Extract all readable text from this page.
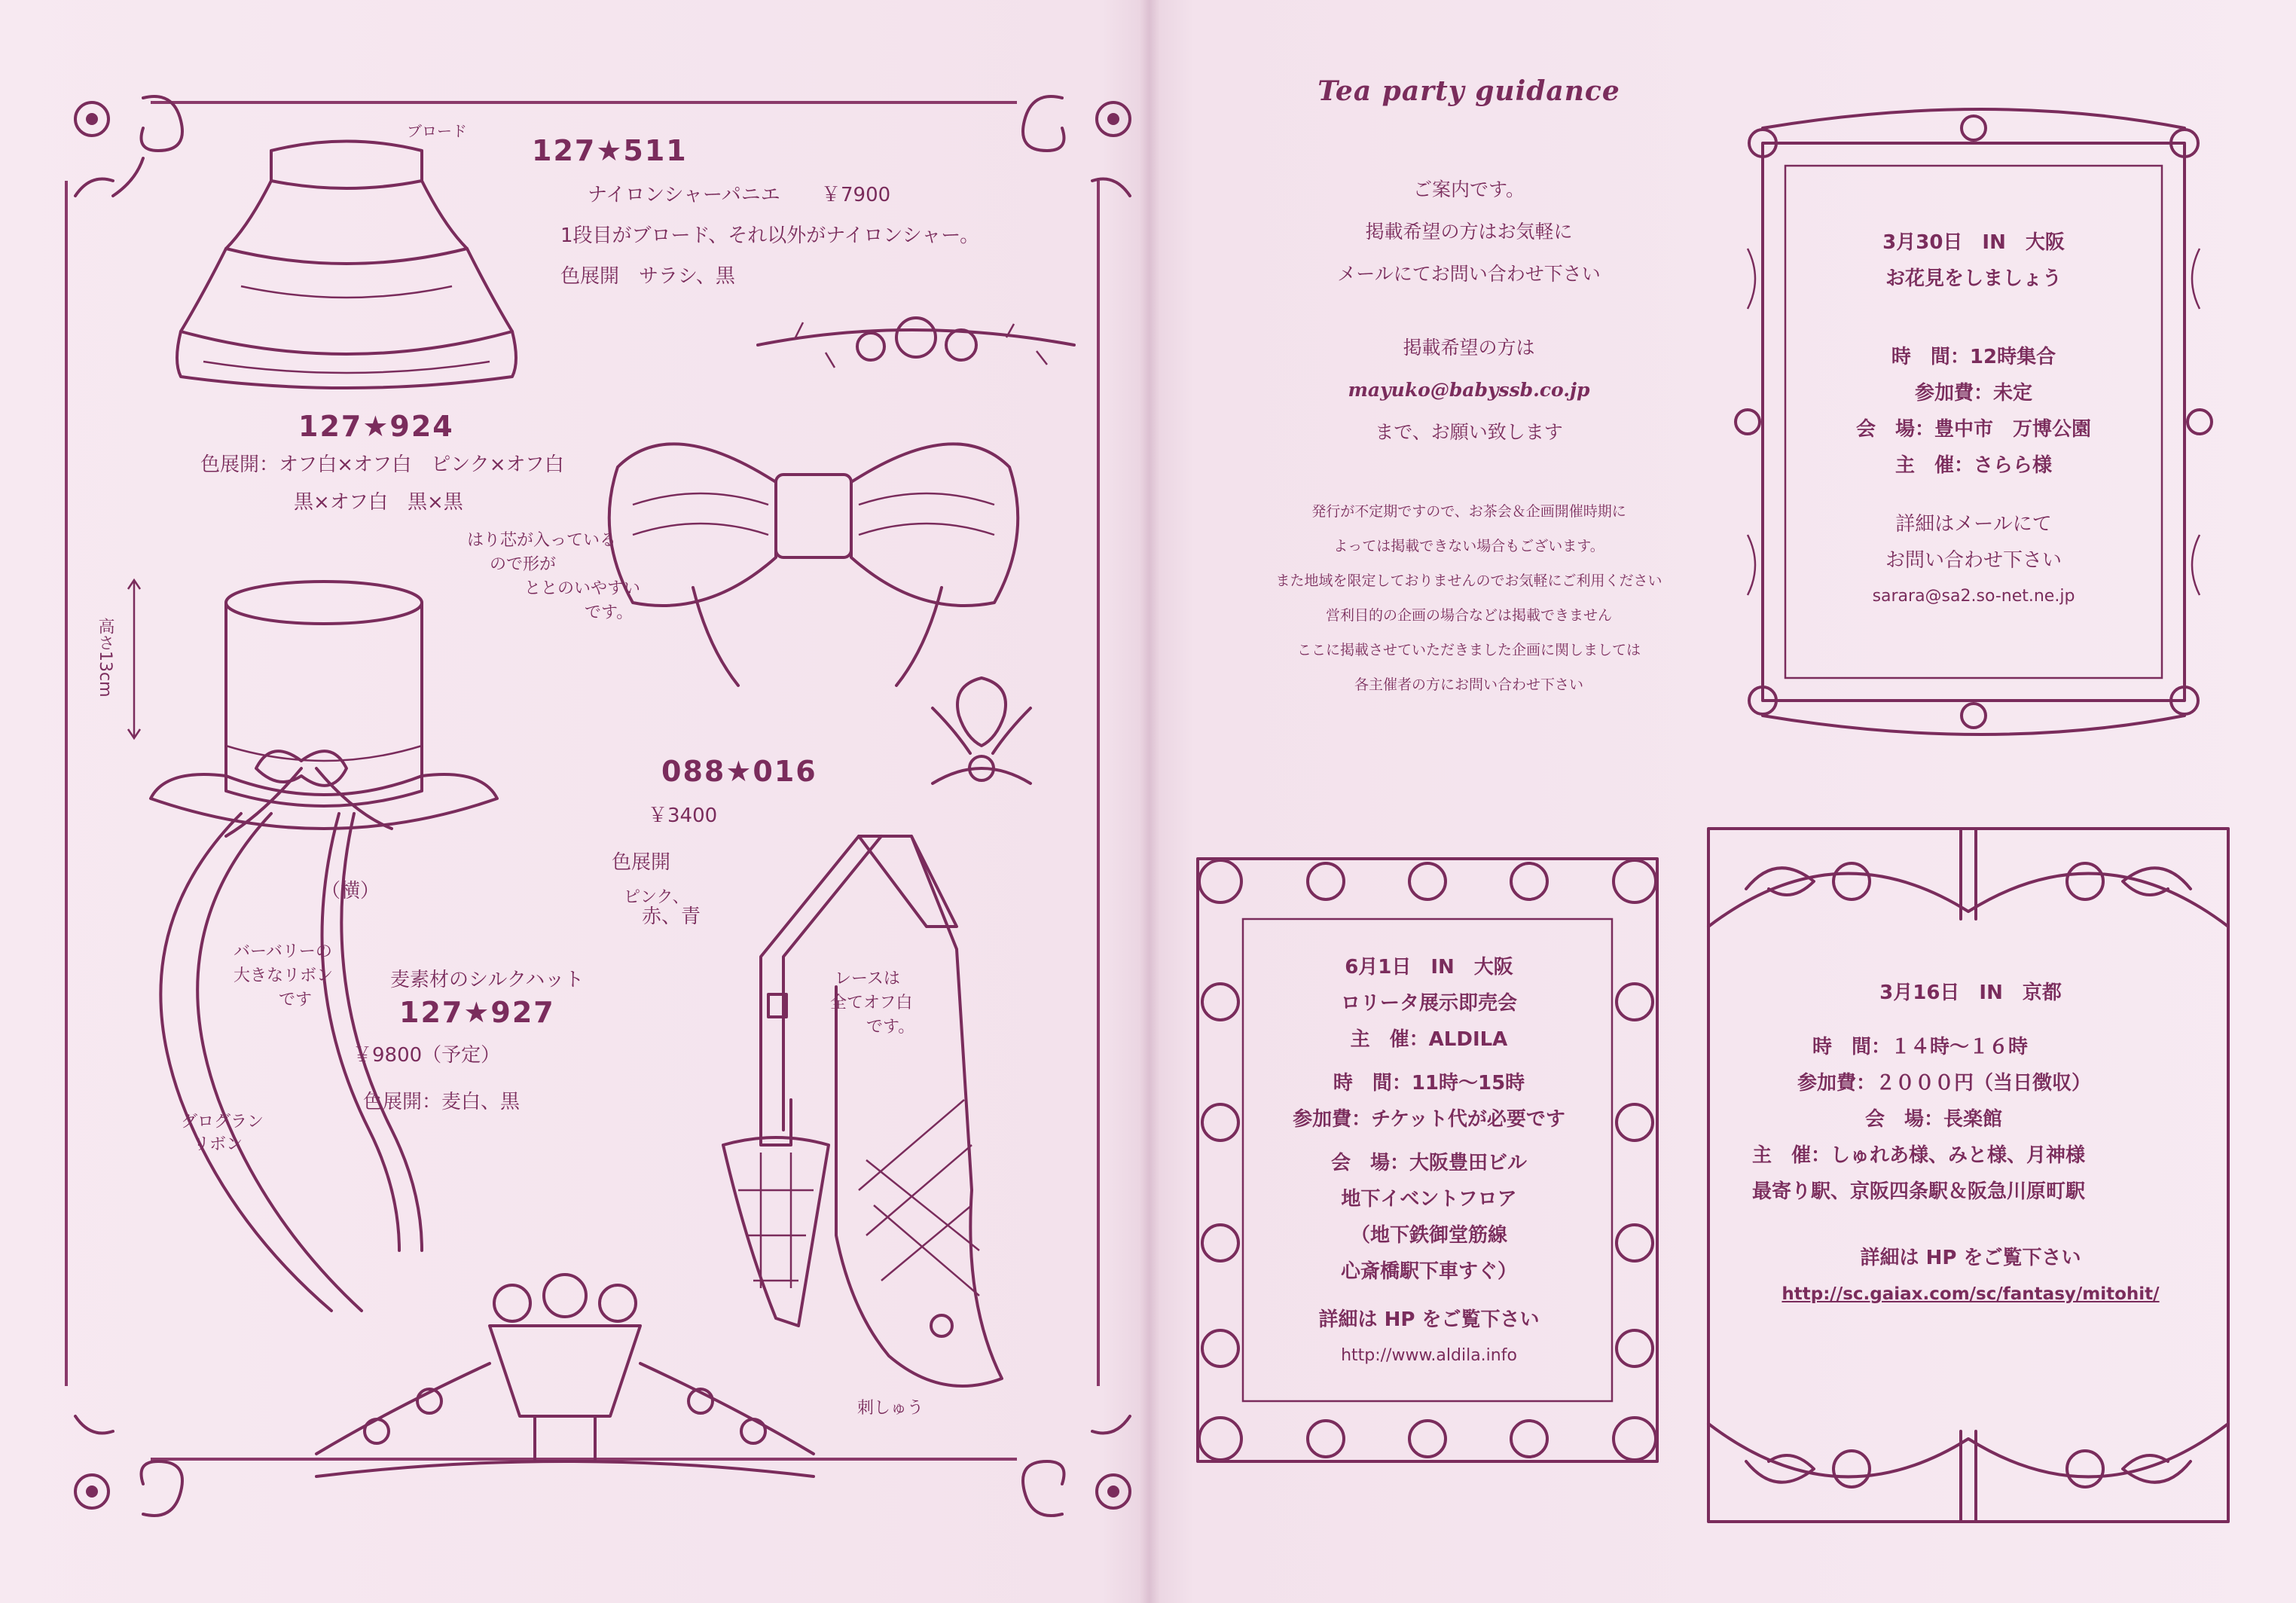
ブロード
127★511
ナイロンシャーパニエ ￥7900
1段目がブロード、それ以外がナイロンシャー。
色展開　サラシ、黒
127★924
色展開：オフ白×オフ白　ピンク×オフ白
黒×オフ白　黒×黒
はり芯が入っている
ので形が
ととのいやすい
です。
高さ13cm
（横）
バーバリーの
大きなリボン
です
麦素材のシルクハット
127★927
￥9800（予定）
色展開：麦白、黒
グログラン
リボン
088★016
￥3400
色展開
ピンク、
赤、青
レースは
全てオフ白
です。
刺しゅう
Tea party guidance
ご案内です。
掲載希望の方はお気軽に
メールにてお問い合わせ下さい
掲載希望の方は
mayuko@babyssb.co.jp
まで、お願い致します
発行が不定期ですので、お茶会＆企画開催時期に
よっては掲載できない場合もございます。
また地域を限定しておりませんのでお気軽にご利用ください
営利目的の企画の場合などは掲載できません
ここに掲載させていただきました企画に関しましては
各主催者の方にお問い合わせ下さい
3月30日　IN　大阪
お花見をしましょう
時　間：12時集合
参加費：未定
会　場：豊中市　万博公園
主　催：さらら様
詳細はメールにて
お問い合わせ下さい
sarara@sa2.so-net.ne.jp
6月1日　IN　大阪
ロリータ展示即売会
主　催：ALDILA
時　間：11時～15時
参加費：チケット代が必要です
会　場：大阪豊田ビル
地下イベントフロア
（地下鉄御堂筋線
心斎橋駅下車すぐ）
詳細は HP をご覧下さい
http://www.aldila.info
3月16日　IN　京都
時　間：１４時～１６時
参加費：２０００円（当日徴収）
会　場：長楽館
主　催：しゅれあ様、みと様、月神様
最寄り駅、京阪四条駅＆阪急川原町駅
詳細は HP をご覧下さい
http://sc.gaiax.com/sc/fantasy/mitohit/
